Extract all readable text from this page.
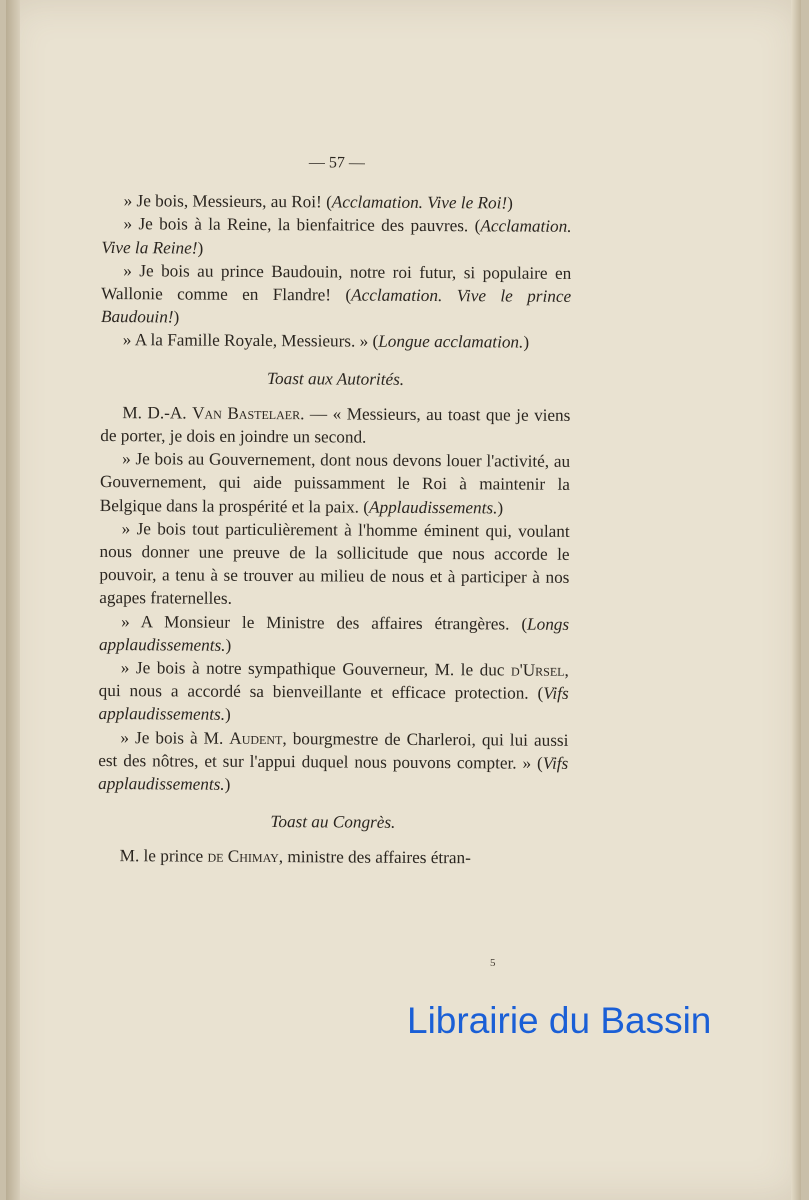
— 57 —

» Je bois, Messieurs, au Roi! (Acclamation. Vive le Roi!)

» Je bois à la Reine, la bienfaitrice des pauvres. (Acclamation. Vive la Reine!)

» Je bois au prince Baudouin, notre roi futur, si populaire en Wallonie comme en Flandre! (Acclamation. Vive le prince Baudouin!)

» A la Famille Royale, Messieurs. » (Longue acclamation.)

Toast aux Autorités.

M. D.-A. Van Bastelaer. — « Messieurs, au toast que je viens de porter, je dois en joindre un second.

» Je bois au Gouvernement, dont nous devons louer l'activité, au Gouvernement, qui aide puissamment le Roi à maintenir la Belgique dans la prospérité et la paix. (Applaudissements.)

» Je bois tout particulièrement à l'homme éminent qui, voulant nous donner une preuve de la sollicitude que nous accorde le pouvoir, a tenu à se trouver au milieu de nous et à participer à nos agapes fraternelles.

» A Monsieur le Ministre des affaires étrangères. (Longs applaudissements.)

» Je bois à notre sympathique Gouverneur, M. le duc d'Ursel, qui nous a accordé sa bienveillante et efficace protection. (Vifs applaudissements.)

» Je bois à M. Audent, bourgmestre de Charleroi, qui lui aussi est des nôtres, et sur l'appui duquel nous pouvons compter. » (Vifs applaudissements.)

Toast au Congrès.

M. le prince de Chimay, ministre des affaires étran-

5
Librairie du Bassin
